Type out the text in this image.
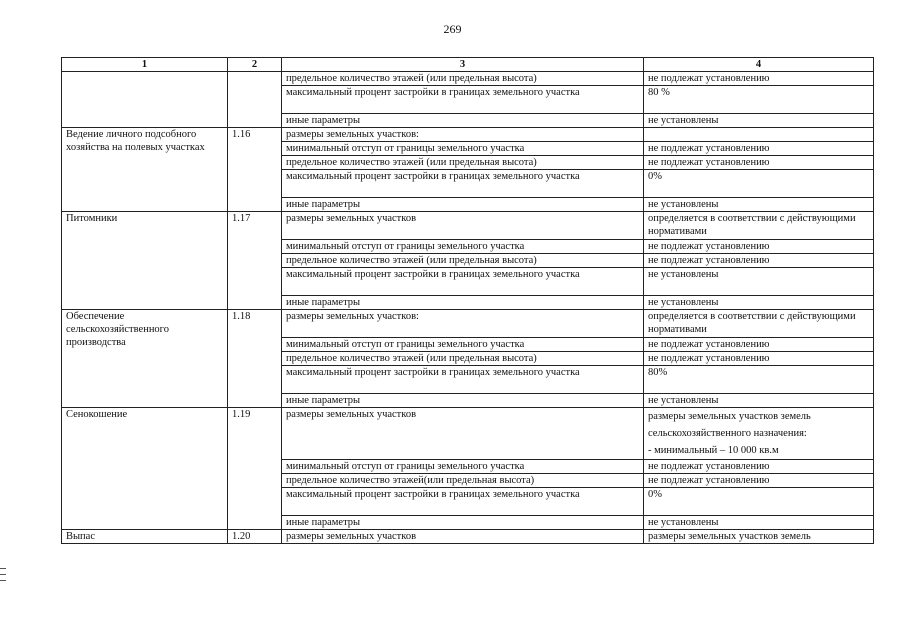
269
1	2	3	4
		предельное количество этажей (или предельная высота)	не подлежат установлению
		максимальный процент застройки в границах земельного участка	80 %
		иные параметры	не установлены
Ведение личного подсобного хозяйства на полевых участках	1.16	размеры земельных участков:	
		минимальный отступ от границы земельного участка	не подлежат установлению
		предельное количество этажей (или предельная высота)	не подлежат установлению
		максимальный процент застройки в границах земельного участка	0%
		иные параметры	не установлены
Питомники	1.17	размеры земельных участков	определяется в соответствии с действующими нормативами
		минимальный отступ от границы земельного участка	не подлежат установлению
		предельное количество этажей (или предельная высота)	не подлежат установлению
		максимальный процент застройки в границах земельного участка	не установлены
		иные параметры	не установлены
Обеспечение сельскохозяйственного производства	1.18	размеры земельных участков:	определяется в соответствии с действующими нормативами
		минимальный отступ от границы земельного участка	не подлежат установлению
		предельное количество этажей (или предельная высота)	не подлежат установлению
		максимальный процент застройки в границах земельного участка	80%
		иные параметры	не установлены
Сенокошение	1.19	размеры земельных участков	размеры земельных участков земель
сельскохозяйственного назначения:
- минимальный – 10 000 кв.м

		минимальный отступ от границы земельного участка	не подлежат установлению
		предельное количество этажей(или предельная высота)	не подлежат установлению
		максимальный процент застройки в границах земельного участка	0%
		иные параметры	не установлены
Выпас	1.20	размеры земельных участков	размеры земельных участков земель
